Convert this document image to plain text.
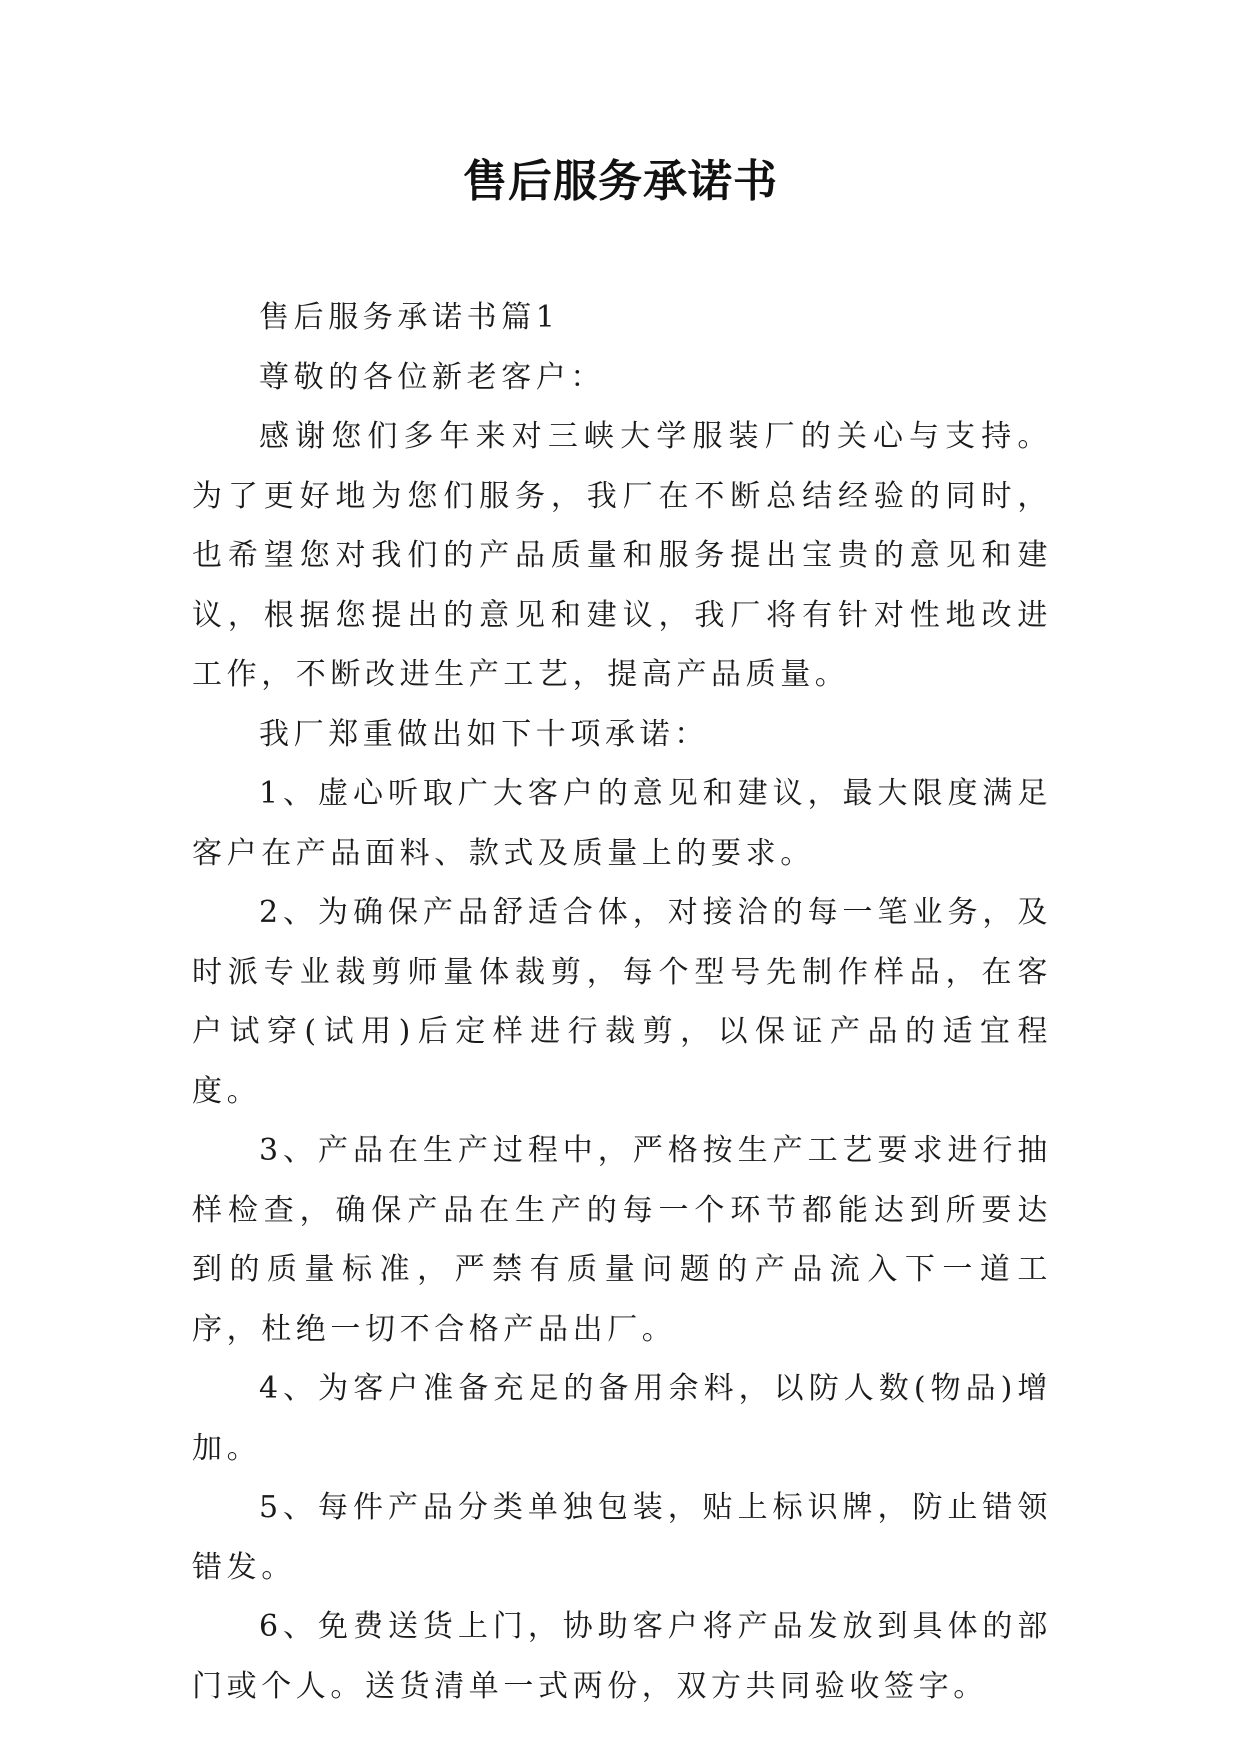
售后服务承诺书

售后服务承诺书篇1

尊敬的各位新老客户：

感谢您们多年来对三峡大学服装厂的关心与支持。为了更好地为您们服务，我厂在不断总结经验的同时，也希望您对我们的产品质量和服务提出宝贵的意见和建议，根据您提出的意见和建议，我厂将有针对性地改进工作，不断改进生产工艺，提高产品质量。

我厂郑重做出如下十项承诺：

1、虚心听取广大客户的意见和建议，最大限度满足客户在产品面料、款式及质量上的要求。

2、为确保产品舒适合体，对接洽的每一笔业务，及时派专业裁剪师量体裁剪，每个型号先制作样品，在客户试穿(试用)后定样进行裁剪，以保证产品的适宜程度。

3、产品在生产过程中，严格按生产工艺要求进行抽样检查，确保产品在生产的每一个环节都能达到所要达到的质量标准，严禁有质量问题的产品流入下一道工序，杜绝一切不合格产品出厂。

4、为客户准备充足的备用余料，以防人数(物品)增加。

5、每件产品分类单独包装，贴上标识牌，防止错领错发。

6、免费送货上门，协助客户将产品发放到具体的部门或个人。送货清单一式两份，双方共同验收签字。
